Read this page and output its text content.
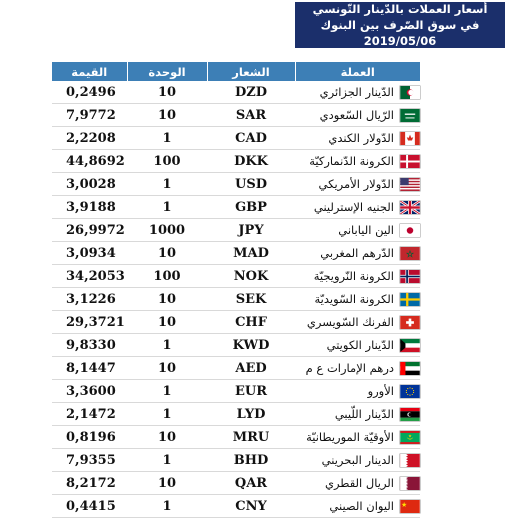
أسعار العملات بالدّينار التّونسي
في سوق الصّرف بين البنوك 2019/05/06
القيمة	الوحدة	الشعار	العملة
0,2496	10	DZD	الدّينار الجزائري

7,9772	10	SAR	الرّيال السّعودي

2,2208	1	CAD	الدّولار الكندي

44,8692	100	DKK	الكرونة الدّنماركيّة

3,0028	1	USD	الدّولار الأمريكي

3,9188	1	GBP	الجنيه الإسترليني

26,9972	1000	JPY	الين الياباني

3,0934	10	MAD	الدّرهم المغربي

34,2053	100	NOK	الكرونة النّرويجيّة

3,1226	10	SEK	الكرونة السّويديّة

29,3721	10	CHF	الفرنك السّويسري

9,8330	1	KWD	الدّينار الكويتي

8,1447	10	AED	درهم الإمارات ع م

3,3600	1	EUR	الأورو

2,1472	1	LYD	الدّينار اللّيبي

0,8196	10	MRU	الأوقيّة الموريطانيّة

7,9355	1	BHD	الدينار البحريني

8,2172	10	QAR	الريال القطري

0,4415	1	CNY	اليوان الصيني
